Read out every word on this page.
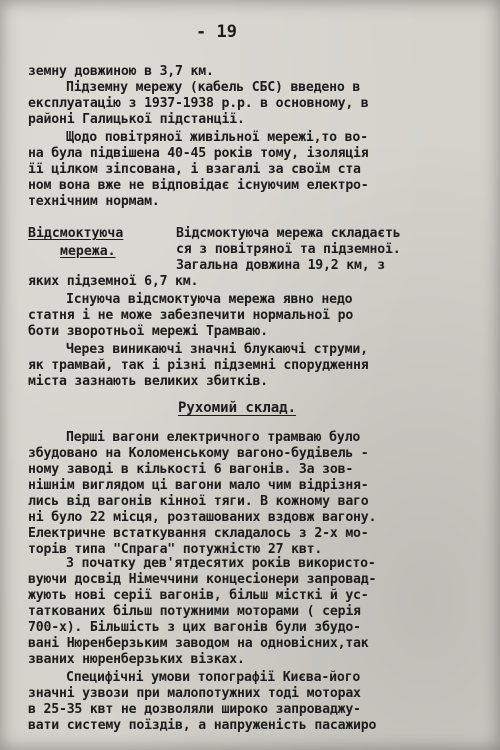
- 19
земну довжиною в 3,7 км.
Підземну мережу (кабель СБС) введено в
експлуатацію з 1937-1938 р.р. в основному, в
районі Галицької підстанції.
Щодо повітряної живільної мережі,то во-
на була підвішена 40-45 років тому, ізоляція
її цілком зіпсована, і взагалі за своїм ста
ном вона вже не відповідає існуючим електро-
технічним нормам.
Відсмоктуюча
мережа.
Відсмоктуюча мережа складаєть
ся з повітряної та підземної.
Загальна довжина 19,2 км, з
яких підземної 6,7 км.
Існуюча відсмоктуюча мережа явно недо
статня і не може забезпечити нормальної ро
боти зворотньої мережі Трамваю.
Через виникаючі значні блукаючі струми,
як трамвай, так і різні підземні спорудження
міста зазнають великих збитків.
Рухомий склад.
Перші вагони електричного трамваю було
збудовано на Коломенському вагоно-будівель -
ному заводі в кількості 6 вагонів. За зов-
нішнім виглядом ці вагони мало чим відрізня-
лись від вагонів кінної тяги. В кожному ваго
ні було 22 місця, розташованих вздовж вагону.
Електричне встаткування складалось з 2-х мо-
торів типа "Спрага" потужністю 27 квт.
З початку дев'ятдесятих років використо-
вуючи досвід Німеччини концесіонери запровад-
жують нові серії вагонів, більш місткі й ус-
таткованих більш потужними моторами ( серія
700-х). Більшість з цих вагонів були збудо-
вані Нюренберзьким заводом на одновісних,так
званих нюренберзьких візках.
Специфічні умови топографії Києва-його
значні узвози при малопотужних тоді моторах
в 25-35 квт не дозволяли широко запроваджу-
вати систему поїздів, а напруженість пасажиро
